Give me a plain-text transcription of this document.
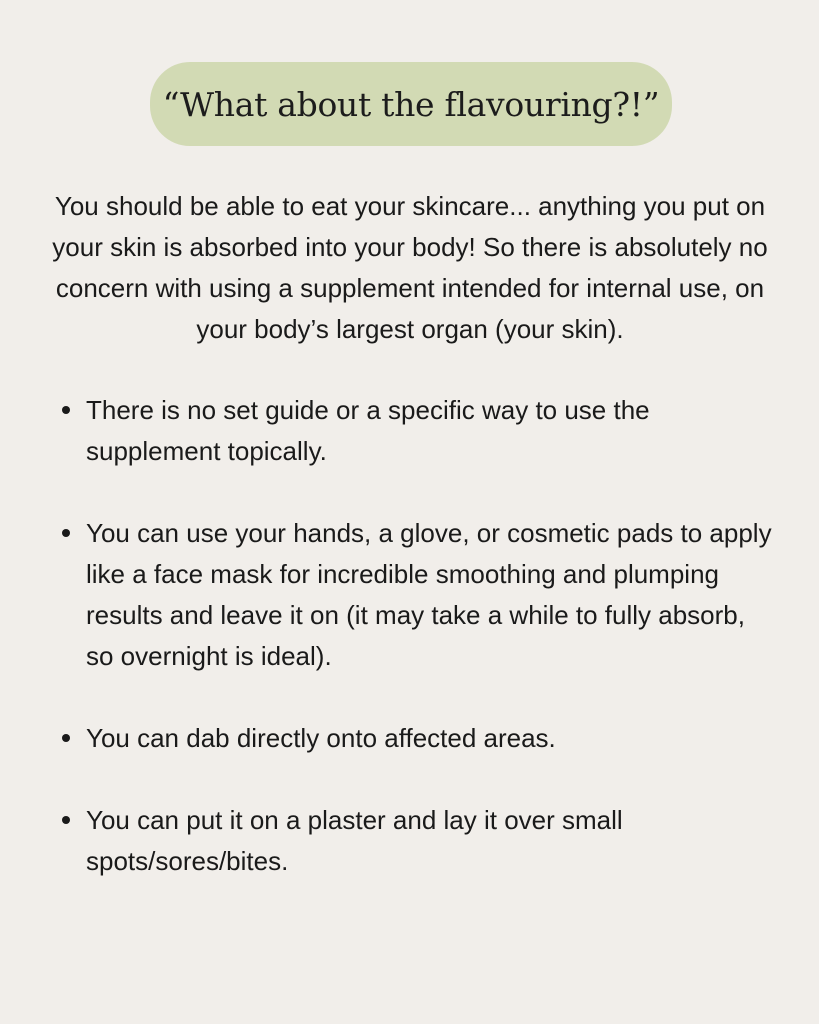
“What about the flavouring?!”

You should be able to eat your skincare... anything you put on your skin is absorbed into your body! So there is absolutely no concern with using a supplement intended for internal use, on your body’s largest organ (your skin).

There is no set guide or a specific way to use the supplement topically.
You can use your hands, a glove, or cosmetic pads to apply like a face mask for incredible smoothing and plumping results and leave it on (it may take a while to fully absorb, so overnight is ideal).
You can dab directly onto affected areas.
You can put it on a plaster and lay it over small spots/sores/bites.
